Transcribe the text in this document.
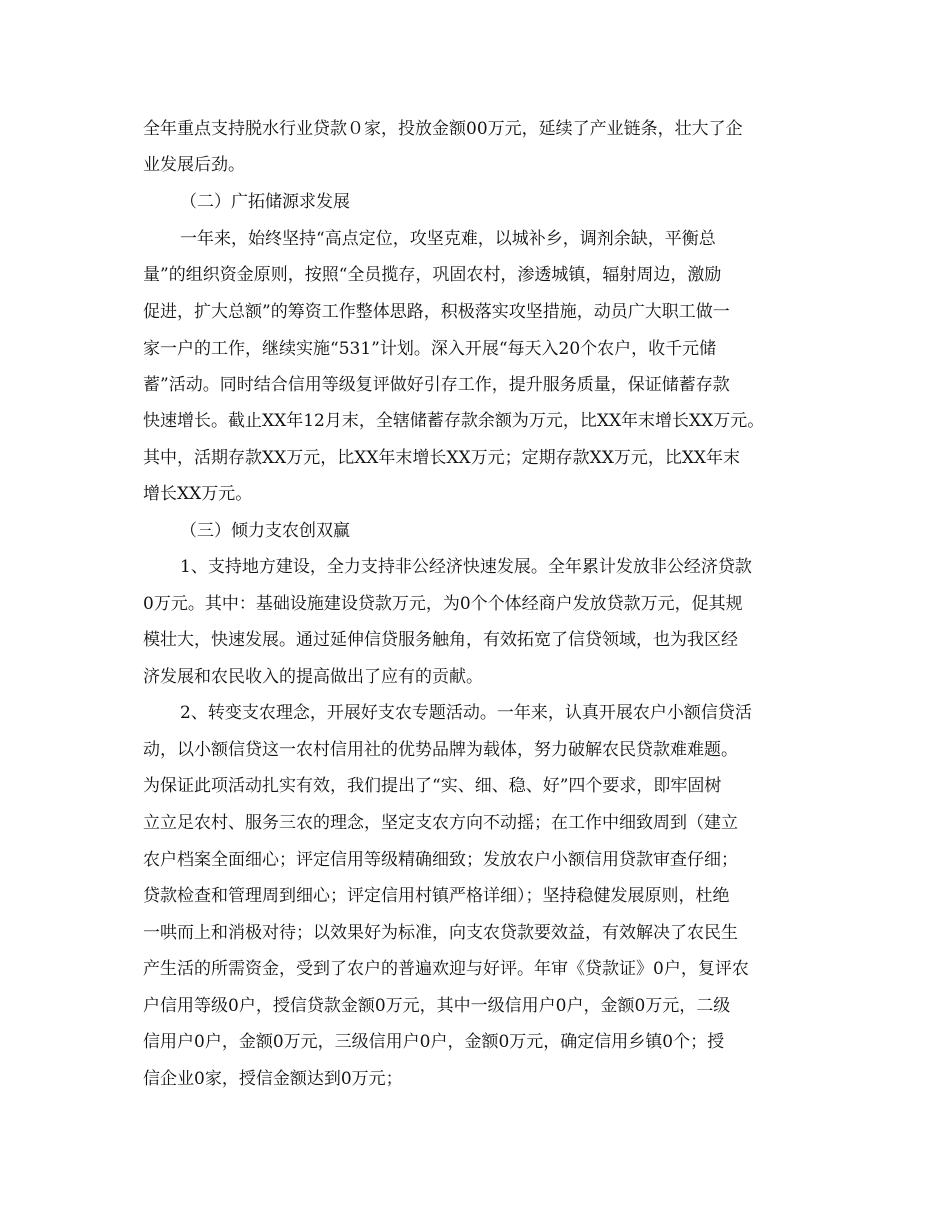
全年重点支持脱水行业贷款０家，投放金额00万元，延续了产业链条，壮大了企
业发展后劲。
（二）广拓储源求发展
一年来，始终坚持“高点定位，攻坚克难，以城补乡，调剂余缺，平衡总
量”的组织资金原则，按照“全员揽存，巩固农村，渗透城镇，辐射周边，激励
促进，扩大总额”的筹资工作整体思路，积极落实攻坚措施，动员广大职工做一
家一户的工作，继续实施“531”计划。深入开展“每天入20个农户，收千元储
蓄”活动。同时结合信用等级复评做好引存工作，提升服务质量，保证储蓄存款
快速增长。截止XX年12月末，全辖储蓄存款余额为万元，比XX年末增长XX万元。
其中，活期存款XX万元，比XX年末增长XX万元；定期存款XX万元，比XX年末
增长XX万元。
（三）倾力支农创双赢
1、支持地方建设，全力支持非公经济快速发展。全年累计发放非公经济贷款
0万元。其中：基础设施建设贷款万元，为0个个体经商户发放贷款万元，促其规
模壮大，快速发展。通过延伸信贷服务触角，有效拓宽了信贷领域，也为我区经
济发展和农民收入的提高做出了应有的贡献。
2、转变支农理念，开展好支农专题活动。一年来，认真开展农户小额信贷活
动，以小额信贷这一农村信用社的优势品牌为载体，努力破解农民贷款难难题。
为保证此项活动扎实有效，我们提出了“实、细、稳、好”四个要求，即牢固树
立立足农村、服务三农的理念，坚定支农方向不动摇；在工作中细致周到（建立
农户档案全面细心；评定信用等级精确细致；发放农户小额信用贷款审查仔细；
贷款检查和管理周到细心；评定信用村镇严格详细）；坚持稳健发展原则，杜绝
一哄而上和消极对待；以效果好为标准，向支农贷款要效益，有效解决了农民生
产生活的所需资金，受到了农户的普遍欢迎与好评。年审《贷款证》0户，复评农
户信用等级0户，授信贷款金额0万元，其中一级信用户0户，金额0万元，二级
信用户0户，金额0万元，三级信用户0户，金额0万元，确定信用乡镇0个；授
信企业0家，授信金额达到0万元；
